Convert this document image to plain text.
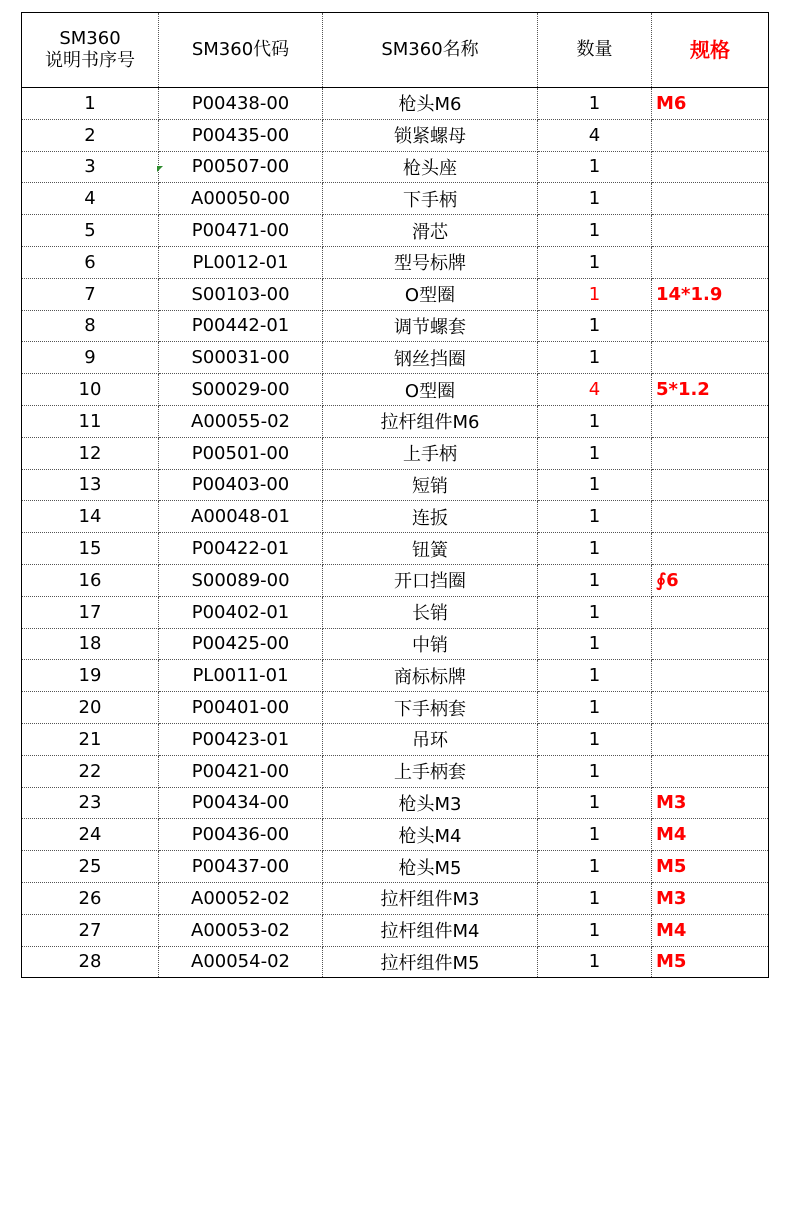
SM360
说明书序号	SM360代码	SM360名称	数量	规格
1	P00438-00	枪头M6	1	M6
2	P00435-00	锁紧螺母	4	
3	P00507-00	枪头座	1	
4	A00050-00	下手柄	1	
5	P00471-00	滑芯	1	
6	PL0012-01	型号标牌	1	
7	S00103-00	O型圈	1	14*1.9
8	P00442-01	调节螺套	1	
9	S00031-00	钢丝挡圈	1	
10	S00029-00	O型圈	4	5*1.2
11	A00055-02	拉杆组件M6	1	
12	P00501-00	上手柄	1	
13	P00403-00	短销	1	
14	A00048-01	连扳	1	
15	P00422-01	钮簧	1	
16	S00089-00	开口挡圈	1	∮6
17	P00402-01	长销	1	
18	P00425-00	中销	1	
19	PL0011-01	商标标牌	1	
20	P00401-00	下手柄套	1	
21	P00423-01	吊环	1	
22	P00421-00	上手柄套	1	
23	P00434-00	枪头M3	1	M3
24	P00436-00	枪头M4	1	M4
25	P00437-00	枪头M5	1	M5
26	A00052-02	拉杆组件M3	1	M3
27	A00053-02	拉杆组件M4	1	M4
28	A00054-02	拉杆组件M5	1	M5
